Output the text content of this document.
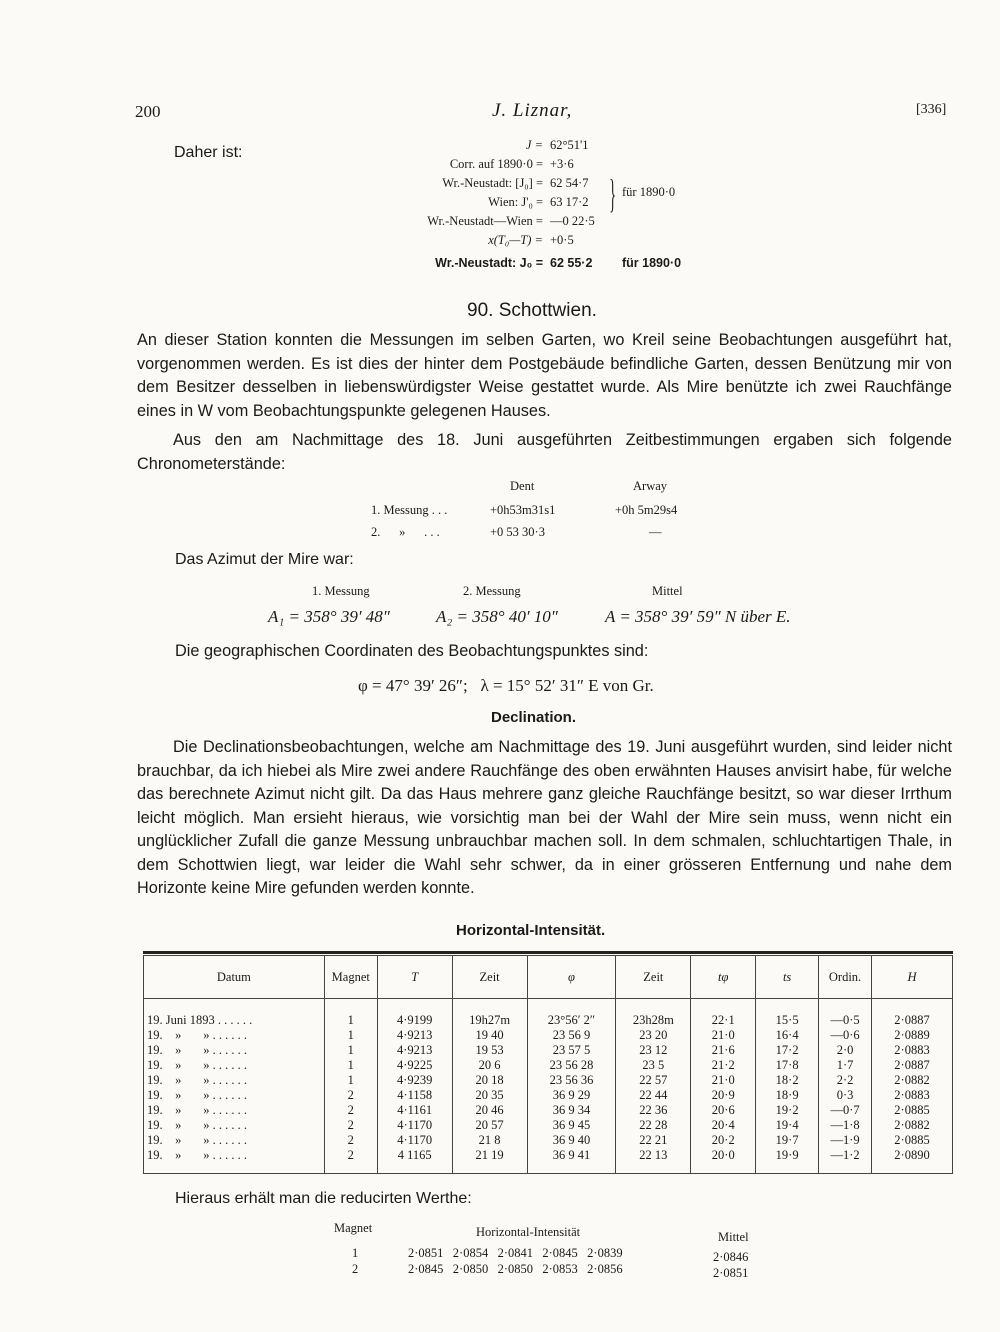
200	J. Liznar,	[336]
Daher ist:	J = 62°51'1
Corr. auf 1890·0 = +3·6
Wr.-Neustadt: [J₀] = 62 54·7
Wien: J'₀ = 63 17·2
Wr.-Neustadt—Wien = —0 22·5
x(T₀—T) = +0·5
} für 1890·0
Wr.-Neustadt: J₀ = 62 55·2 für 1890·0
90. Schottwien.
An dieser Station konnten die Messungen im selben Garten, wo Kreil seine Beobachtungen ausgeführt hat, vorgenommen werden. Es ist dies der hinter dem Postgebäude befindliche Garten, dessen Benützung mir von dem Besitzer desselben in liebenswürdigster Weise gestattet wurde. Als Mire benützte ich zwei Rauchfänge eines in W vom Beobachtungspunkte gelegenen Hauses.
Aus den am Nachmittage des 18. Juni ausgeführten Zeitbestimmungen ergaben sich folgende Chronometerstände:
Dent	Arway
1. Messung . . .	+0h53m31s1	+0h 5m29s4
2.      »      . . .	+0 53 30·3	—
Das Azimut der Mire war:
1. Messung	2. Messung	Mittel
A₁ = 358° 39′ 48″	A₂ = 358° 40′ 10″	A = 358° 39′ 59″ N über E.
Die geographischen Coordinaten des Beobachtungspunktes sind:
φ = 47° 39′ 26″;   λ = 15° 52′ 31″ E von Gr.
Declination.
Die Declinationsbeobachtungen, welche am Nachmittage des 19. Juni ausgeführt wurden, sind leider nicht brauchbar, da ich hiebei als Mire zwei andere Rauchfänge des oben erwähnten Hauses anvisirt habe, für welche das berechnete Azimut nicht gilt. Da das Haus mehrere ganz gleiche Rauchfänge besitzt, so war dieser Irrthum leicht möglich. Man ersieht hieraus, wie vorsichtig man bei der Wahl der Mire sein muss, wenn nicht ein unglücklicher Zufall die ganze Messung unbrauchbar machen soll. In dem schmalen, schluchtartigen Thale, in dem Schottwien liegt, war leider die Wahl sehr schwer, da in einer grösseren Entfernung und nahe dem Horizonte keine Mire gefunden werden konnte.
Horizontal-Intensität.
Datum	Magnet	T	Zeit	φ	Zeit	tφ	ts	Ordin.	H
19. Juni 1893 . . . . . .	1	4·9199	19h27m	23°56′ 2″	23h28m	22·1	15·5	—0·5	2·0887
19.    »       » . . . . . .	1	4·9213	19 40	23 56 9	23 20	21·0	16·4	—0·6	2·0889
19.    »       » . . . . . .	1	4·9213	19 53	23 57 5	23 12	21·6	17·2	2·0	2·0883
19.    »       » . . . . . .	1	4·9225	20 6	23 56 28	23 5	21·2	17·8	1·7	2·0887
19.    »       » . . . . . .	1	4·9239	20 18	23 56 36	22 57	21·0	18·2	2·2	2·0882
19.    »       » . . . . . .	2	4·1158	20 35	36 9 29	22 44	20·9	18·9	0·3	2·0883
19.    »       » . . . . . .	2	4·1161	20 46	36 9 34	22 36	20·6	19·2	—0·7	2·0885
19.    »       » . . . . . .	2	4·1170	20 57	36 9 45	22 28	20·4	19·4	—1·8	2·0882
19.    »       » . . . . . .	2	4·1170	21 8	36 9 40	22 21	20·2	19·7	—1·9	2·0885
19.    »       » . . . . . .	2	4 1165	21 19	36 9 41	22 13	20·0	19·9	—1·2	2·0890
Hieraus erhält man die reducirten Werthe:
Magnet	Horizontal-Intensität	Mittel
1	2·0851   2·0854   2·0841   2·0845   2·0839	2·0846
2	2·0845   2·0850   2·0850   2·0853   2·0856	2·0851
